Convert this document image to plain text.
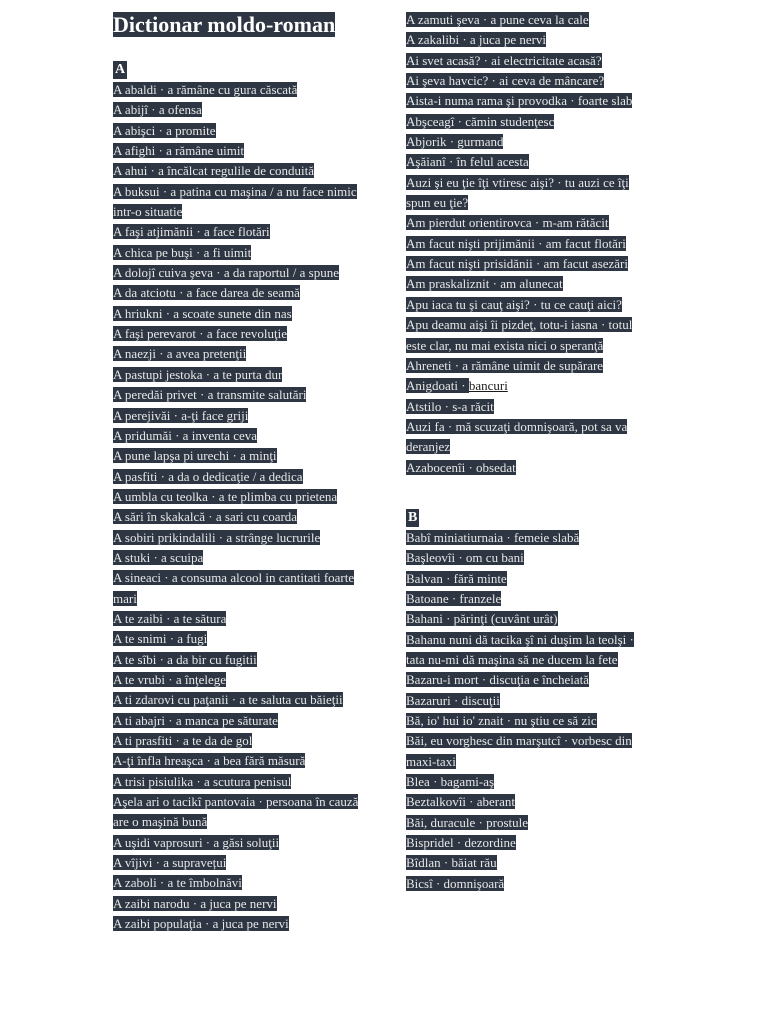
Dictionar moldo-roman
A

A abaldi · a rămâne cu gura căscată

A abijî · a ofensa

A abişci · a promite

A afighi · a rămâne uimit

A ahui · a încălcat regulile de conduită

A buksui · a patina cu maşina / a nu face nimic intr-o situatie

A faşi atjimănii · a face flotări

A chica pe buşi · a fi uimit

A dolojî cuiva şeva · a da raportul / a spune

A da atciotu · a face darea de seamă

A hriukni · a scoate sunete din nas

A faşi perevarot · a face revoluţie

A naezji · a avea pretenţii

A pastupi jestoka · a te purta dur

A peredăi privet · a transmite salutări

A perejivăi · a-ţi face griji

A pridumăi · a inventa ceva

A pune lapşa pi urechi · a minţi

A pasfiti · a da o dedicaţie / a dedica

A umbla cu teolka · a te plimba cu prietena

A sări în skakalcă · a sari cu coarda

A sobiri prikindalili · a strânge lucrurile

A stuki · a scuipa

A sineaci · a consuma alcool in cantitati foarte mari

A te zaibi · a te sătura

A te snimi · a fugi

A te sîbi · a da bir cu fugitii

A te vrubi · a înţelege

A ti zdarovi cu paţanii · a te saluta cu băieţii

A ti abajri · a manca pe săturate

A ti prasfiti · a te da de gol

A-ţi înfla hreaşca · a bea fără măsură

A trisi pisiulika · a scutura penisul

Aşela ari o tacikî pantovaia · persoana în cauză are o maşină bună

A uşidi vaprosuri · a găsi soluţii

A vîjivi · a supravețui

A zaboli · a te îmbolnăvi

A zaibi narodu · a juca pe nervi

A zaibi populaţia · a juca pe nervi

A zamuti şeva · a pune ceva la cale

A zakalibi · a juca pe nervi

Ai svet acasă? · ai electricitate acasă?

Ai şeva havcic? · ai ceva de mâncare?

Aista-i numa rama şi provodka · foarte slab

Abşceagî · cămin studenţesc

Abjorik · gurmand

Aşăianî · în felul acesta

Auzi şi eu ţie îţi vtiresc aişi? · tu auzi ce îţi spun eu ţie?

Am pierdut orientirovca · m-am rătăcit

Am facut nişti prijimănii · am facut flotări

Am facut nişti prisidănii · am facut aseză​ri

Am praskaliznit · am alunecat

Apu iaca tu şi cauţ aişi? · tu ce cauţi aici?

Apu deamu aişi îi pizdeţ, totu-i iasna · totul este clar, nu mai exista nici o speranţă

Ahreneti · a rămâne uimit de supărare

Anigdoati · bancuri

Atstilo · s-a răcit

Auzi fa · mă scuzaţi domnişoară, pot sa va deranjez

Azabocenîi · obsedat

B

Babî miniatiurnaia · femeie slabă

Başleovîi · om cu bani

Balvan · fără minte

Batoane · franzele

Bahani · părinţi (cuvânt urât)

Bahanu nuni dă tacika şî ni duşim la teolşi · tata nu-mi dă maşina să ne ducem la fete

Bazaru-i mort · discuţia e încheiată

Bazaruri · discuţii

Bă, io' hui io' znait · nu ştiu ce să zic

Băi, eu vorghesc din marşutcî · vorbesc din maxi-taxi

Blea · bagami-aş

Beztalkovîi · aberant

Băi, duracule · prostule

Bispridel · dezordine

Bîdlan · băiat rău

Bicsî · domnişoară
